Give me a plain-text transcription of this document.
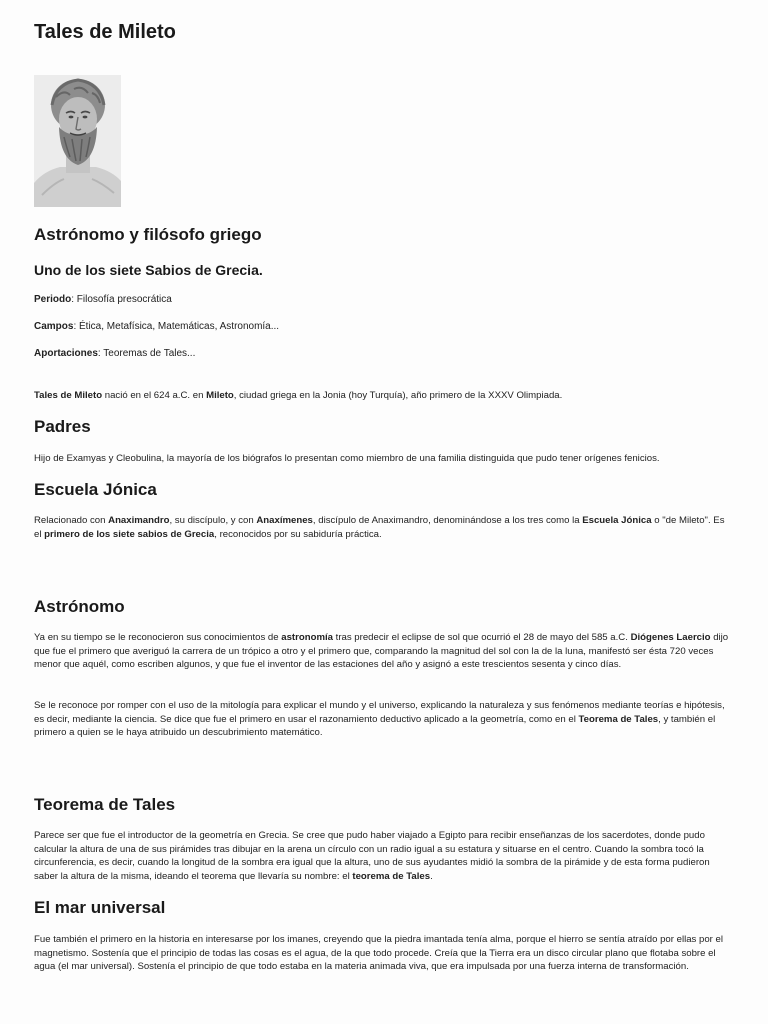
Tales de Mileto
Astrónomo y filósofo griego
Uno de los siete Sabios de Grecia.

Periodo: Filosofía presocrática

Campos: Ética, Metafísica, Matemáticas, Astronomía...

Aportaciones: Teoremas de Tales...

Tales de Mileto nació en el 624 a.C. en Mileto, ciudad griega en la Jonia (hoy Turquía), año primero de la XXXV Olimpiada.

Padres

Hijo de Examyas y Cleobulina, la mayoría de los biógrafos lo presentan como miembro de una familia distinguida que pudo tener orígenes fenicios.

Escuela Jónica

Relacionado con Anaximandro, su discípulo, y con Anaxímenes, discípulo de Anaximandro, denominándose a los tres como la Escuela Jónica o "de Mileto". Es el primero de los siete sabios de Grecia, reconocidos por su sabiduría práctica.

Astrónomo

Ya en su tiempo se le reconocieron sus conocimientos de astronomía tras predecir el eclipse de sol que ocurrió el 28 de mayo del 585 a.C. Diógenes Laercio dijo que fue el primero que averiguó la carrera de un trópico a otro y el primero que, comparando la magnitud del sol con la de la luna, manifestó ser ésta 720 veces menor que aquél, como escriben algunos, y que fue el inventor de las estaciones del año y asignó a este trescientos sesenta y cinco días.

Se le reconoce por romper con el uso de la mitología para explicar el mundo y el universo, explicando la naturaleza y sus fenómenos mediante teorías e hipótesis, es decir, mediante la ciencia. Se dice que fue el primero en usar el razonamiento deductivo aplicado a la geometría, como en el Teorema de Tales, y también el primero a quien se le haya atribuido un descubrimiento matemático.

Teorema de Tales

Parece ser que fue el introductor de la geometría en Grecia. Se cree que pudo haber viajado a Egipto para recibir enseñanzas de los sacerdotes, donde pudo calcular la altura de una de sus pirámides tras dibujar en la arena un círculo con un radio igual a su estatura y situarse en el centro. Cuando la sombra tocó la circunferencia, es decir, cuando la longitud de la sombra era igual que la altura, uno de sus ayudantes midió la sombra de la pirámide y de esta forma pudieron saber la altura de la misma, ideando el teorema que llevaría su nombre: el teorema de Tales.

El mar universal

Fue también el primero en la historia en interesarse por los imanes, creyendo que la piedra imantada tenía alma, porque el hierro se sentía atraído por ellas por el magnetismo. Sostenía que el principio de todas las cosas es el agua, de la que todo procede. Creía que la Tierra era un disco circular plano que flotaba sobre el agua (el mar universal). Sostenía el principio de que todo estaba en la materia animada viva, que era impulsada por una fuerza interna de transformación.
